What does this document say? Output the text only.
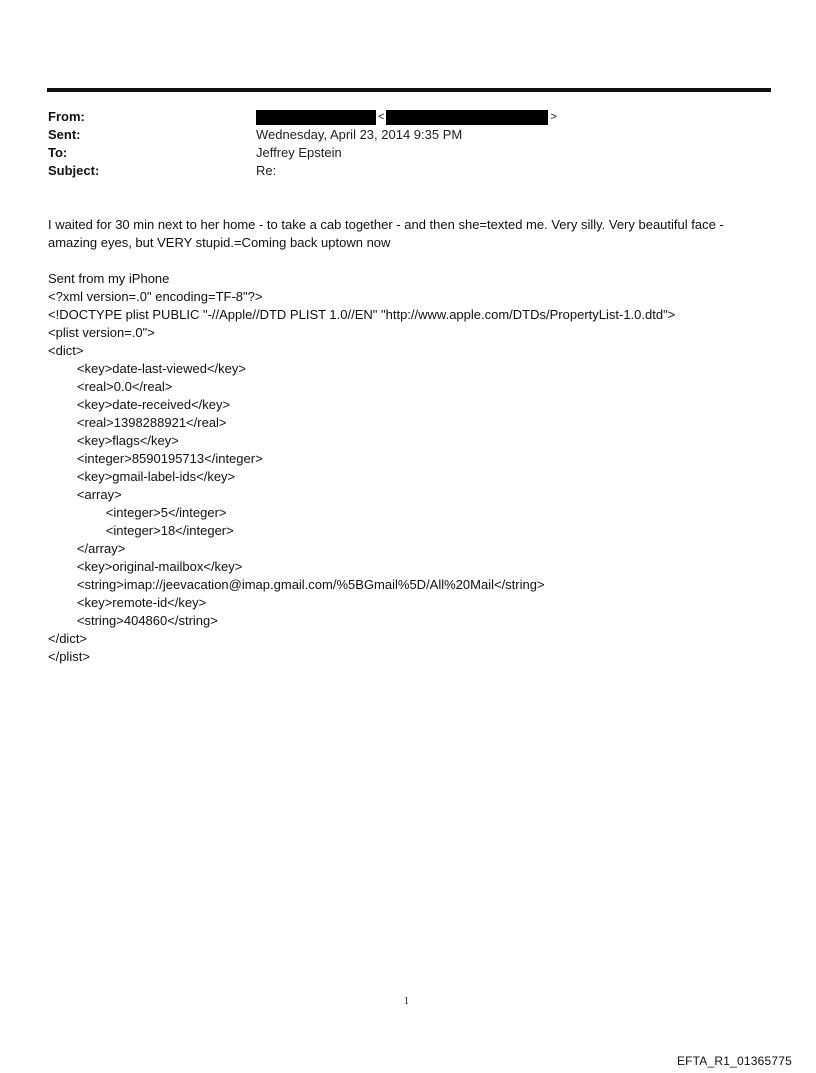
From:	<	>
Sent:	Wednesday, April 23, 2014 9:35 PM
To:	Jeffrey Epstein
Subject:	Re:
I waited for 30 min next to her home - to take a cab together - and then she=texted me. Very silly. Very beautiful face -
amazing eyes, but VERY stupid.=Coming back uptown now
Sent from my iPhone
<?xml version=.0" encoding=TF-8"?>
<!DOCTYPE plist PUBLIC "-//Apple//DTD PLIST 1.0//EN" "http://www.apple.com/DTDs/PropertyList-1.0.dtd">
<plist version=.0">
<dict>
<key>date-last-viewed</key>
<real>0.0</real>
<key>date-received</key>
<real>1398288921</real>
<key>flags</key>
<integer>8590195713</integer>
<key>gmail-label-ids</key>
<array>
<integer>5</integer>
<integer>18</integer>
</array>
<key>original-mailbox</key>
<string>imap://jeevacation@imap.gmail.com/%5BGmail%5D/All%20Mail</string>
<key>remote-id</key>
<string>404860</string>
</dict>
</plist>
1
EFTA_R1_01365775
